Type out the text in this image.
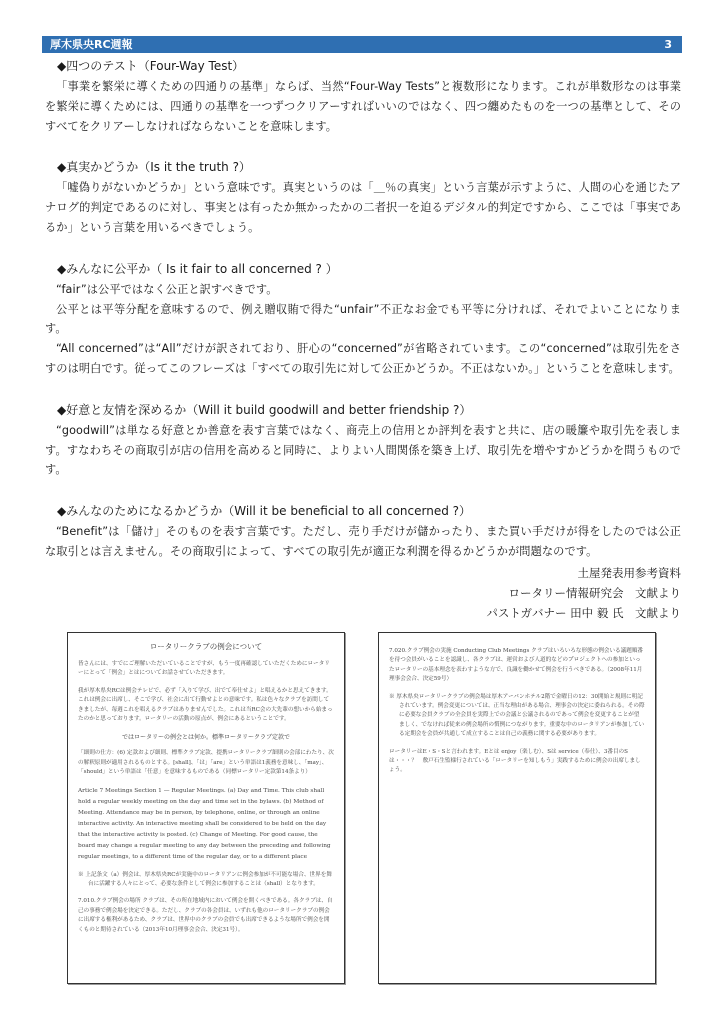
厚木県央RC週報	3
◆四つのテスト（Four-Way Test）

「事業を繁栄に導くための四通りの基準」ならば、当然“Four-Way Tests”と複数形になります。これが単数形なのは事業を繁栄に導くためには、四通りの基準を一つずつクリアーすればいいのではなく、四つ纏めたものを一つの基準として、そのすべてをクリアーしなければならないことを意味します。

◆真実かどうか（Is it the truth ?）

「嘘偽りがないかどうか」という意味です。真実というのは「＿％の真実」という言葉が示すように、人間の心を通じたアナログ的判定であるのに対し、事実とは有ったか無かったかの二者択一を迫るデジタル的判定ですから、ここでは「事実であるか」という言葉を用いるべきでしょう。

◆みんなに公平か（ Is it fair to all concerned ? ）

“fair”は公平ではなく公正と訳すべきです。

公平とは平等分配を意味するので、例え贈収賄で得た“unfair”不正なお金でも平等に分ければ、それでよいことになります。

“All concerned”は“All”だけが訳されており、肝心の“concerned”が省略されています。この“concerned”は取引先をさすのは明白です。従ってこのフレーズは「すべての取引先に対して公正かどうか。不正はないか。」ということを意味します。

◆好意と友情を深めるか（Will it build goodwill and better friendship ?）

“goodwill”は単なる好意とか善意を表す言葉ではなく、商売上の信用とか評判を表すと共に、店の暖簾や取引先を表します。すなわちその商取引が店の信用を高めると同時に、よりよい人間関係を築き上げ、取引先を増やすかどうかを問うものです。

◆みんなのためになるかどうか（Will it be beneficial to all concerned ?）

“Benefit”は「儲け」そのものを表す言葉です。ただし、売り手だけが儲かったり、また買い手だけが得をしたのでは公正な取引とは言えません。その商取引によって、すべての取引先が適正な利潤を得るかどうかが問題なのです。

土屋発表用参考資料
ロータリー情報研究会　文献より
パストガバナー 田中 毅 氏　文献より
ロータリークラブの例会について

皆さんには、すでにご理解いただいていることですが、もう一度再確認していただくためにロータリーにとって「例会」とはについてお話させていただきます。

我が厚木県央RCは例会テレビで、必ず「入りて学び、出でて奉仕せよ」と唱えるかと思えてきます。これは例会に出席し、そこで学び、社会に出て行動せよとの意味です。私は色々なクラブを訪問してきましたが、毎週これを唱えるクラブはありませんでした。これは当RC会の大先輩の想いから始まったのかと思っております。ロータリーの活動の原点が、例会にあるということです。

ではロータリーの例会とは何か。標準ロータリークラブ定款で

「細則の仕方：(6) 定款および細則、標準クラブ定款、提携ロータリークラブ細則の会部にわたり、次の解釈原則が適用されるものとする。[shall]、「は」「are」という単語は1義務を意味し、「may」、「should」という単語は「任意」を意味するものである（同標ロータリー定款第14条より）

Article 7 Meetings Section 1 — Regular Meetings. (a) Day and Time. This club shall hold a regular weekly meeting on the day and time set in the bylaws. (b) Method of Meeting. Attendance may be in person, by telephone, online, or through an online interactive activity. An interactive meeting shall be considered to be held on the day that the interactive activity is posted. (c) Change of Meeting. For good cause, the board may change a regular meeting to any day between the preceding and following regular meetings, to a different time of the regular day, or to a different place

※ 上記条文（a）例会は、厚木県央RCが実施中のロータリアンに例会参加が不可能な場合、世界を舞台に活躍する人々にとって、必要な条件として例会に参加することは（shall）となります。

7.010.クラブ例会の場所 クラブは、その所在地域内において例会を開くべきである。各クラブは、自己の事務で例会場を決定できる。ただし、クラブの各会員は、いずれも他のロータリークラブの例会に出席する権利があるため、クラブは、世界中のクラブの会員でも出席できるような場所で例会を開くものと期待されている（2013年10月理事会会合、決定31号）。

7.020.クラブ例会の実施 Conducting Club Meetings クラブはいろいろな形態の例会いる議題順番を待つ会員がいることを認識し、各クラブは、運営および人道的などのプロジェクトへの参加といったロータリーの基本理念を表わすような方で、良識を働かせて例会を行うべきである。（2008年11月理事会会合、決定59号）

※ 厚木県央ロータリークラブの例会場は厚木アーバンホテル2階で金曜日の12：30開始と規則に明記されています。例会変更については、正当な理由がある場合、理事会の決定に委ねられる。その際に必要な会員クラブの全会員を実際上での会議と公議されるのであって例会を変更することが望ましく、でなければ従来の例会場所の慣例につながります。重要な中のロータリアンが参加している定期会を会員が共通して成立することは自己の義務に関する必要があります。

ロータリーはE・S・Sと言われます。Eとは enjoy（楽しむ）、Sは service（奉仕）、3番目のSは・・・？　敷戸石生監様行されている「ロータリーを知しもう」実践するために例会の出席しましょう。
